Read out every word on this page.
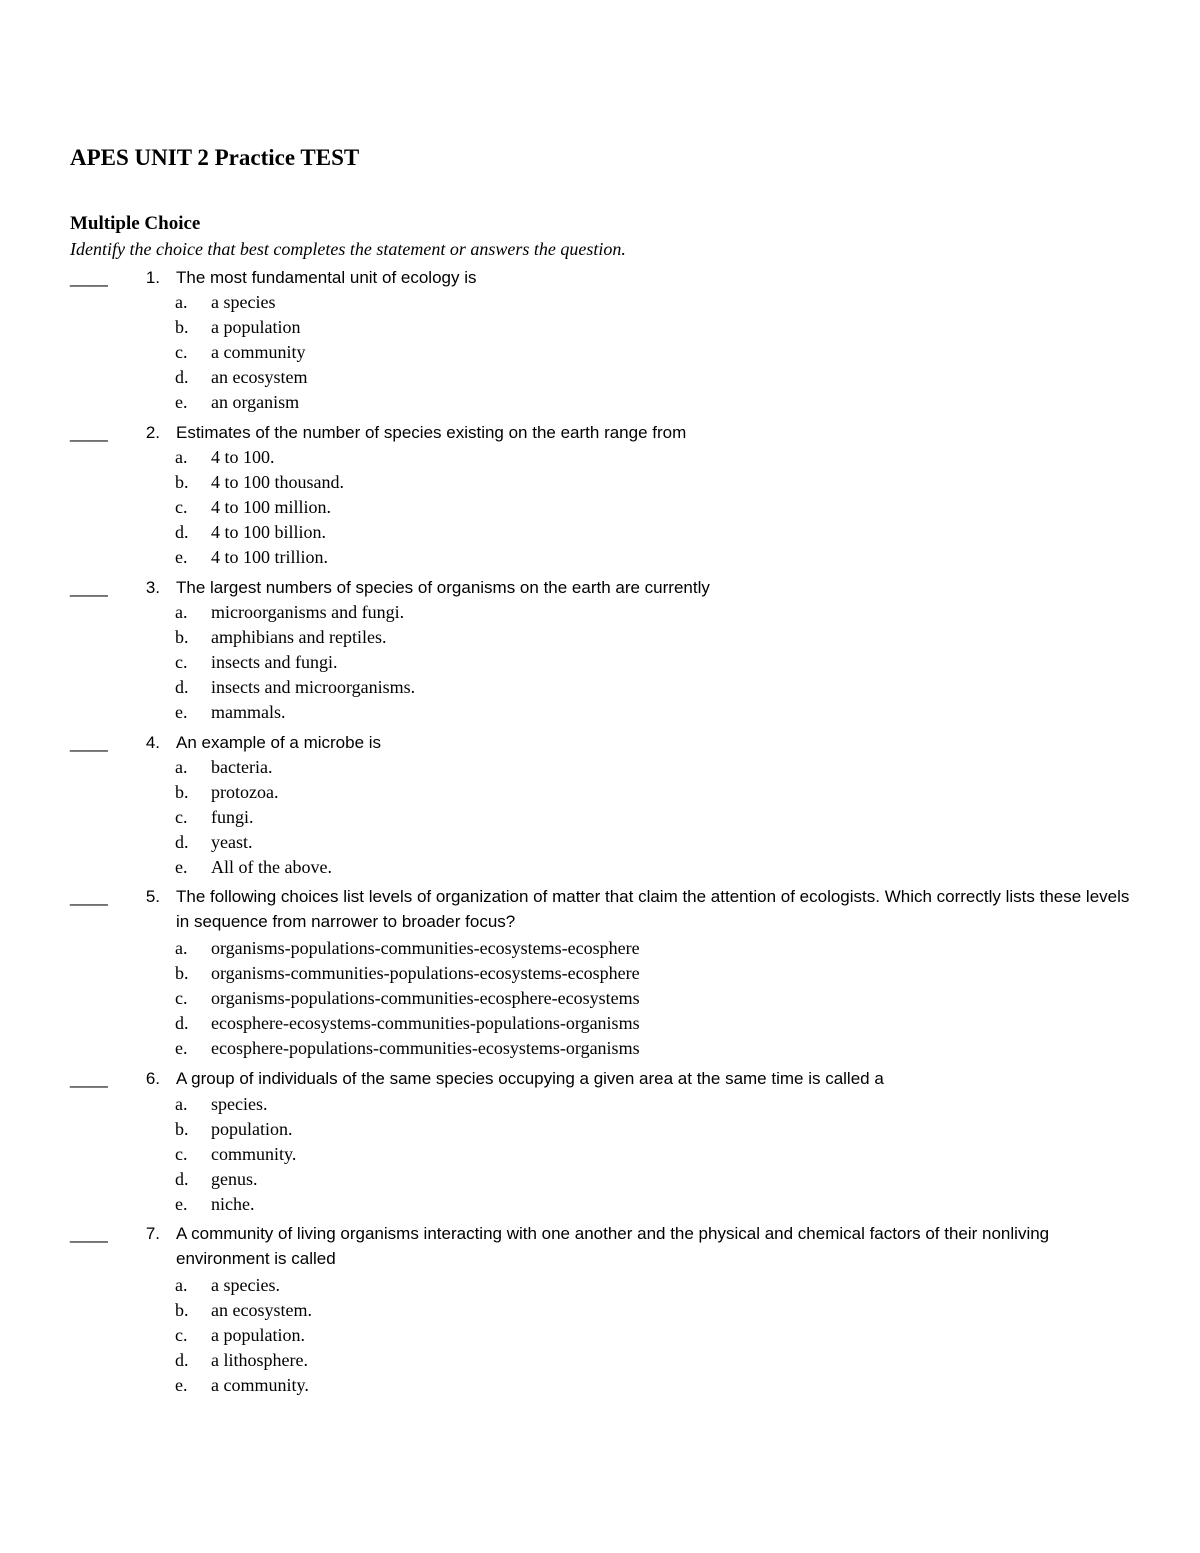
APES UNIT 2 Practice TEST
Multiple Choice
Identify the choice that best completes the statement or answers the question.
____	1. The most fundamental unit of ecology is
a. a species
b. a population
c. a community
d. an ecosystem
e. an organism
____	2. Estimates of the number of species existing on the earth range from
a. 4 to 100.
b. 4 to 100 thousand.
c. 4 to 100 million.
d. 4 to 100 billion.
e. 4 to 100 trillion.
____	3. The largest numbers of species of organisms on the earth are currently
a. microorganisms and fungi.
b. amphibians and reptiles.
c. insects and fungi.
d. insects and microorganisms.
e. mammals.
____	4. An example of a microbe is
a. bacteria.
b. protozoa.
c. fungi.
d. yeast.
e. All of the above.
____	5. The following choices list levels of organization of matter that claim the attention of ecologists. Which correctly lists these levels in sequence from narrower to broader focus?
a. organisms-populations-communities-ecosystems-ecosphere
b. organisms-communities-populations-ecosystems-ecosphere
c. organisms-populations-communities-ecosphere-ecosystems
d. ecosphere-ecosystems-communities-populations-organisms
e. ecosphere-populations-communities-ecosystems-organisms
____	6. A group of individuals of the same species occupying a given area at the same time is called a
a. species.
b. population.
c. community.
d. genus.
e. niche.
____	7. A community of living organisms interacting with one another and the physical and chemical factors of their nonliving environment is called
a. a species.
b. an ecosystem.
c. a population.
d. a lithosphere.
e. a community.
